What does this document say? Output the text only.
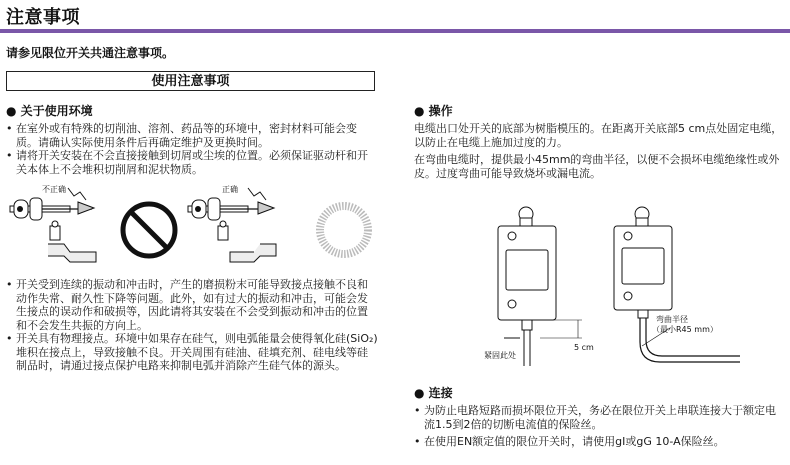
注意事项
请参见限位开关共通注意事项。
使用注意事项
● 关于使用环境
• 在室外或有特殊的切削油、溶剂、药品等的环境中，密封材料可能会变质。请确认实际使用条件后再确定维护及更换时间。
• 请将开关安装在不会直接接触到切屑或尘埃的位置。必须保证驱动杆和开关本体上不会堆积切削屑和泥状物质。
不正确	正确
• 开关受到连续的振动和冲击时，产生的磨损粉末可能导致接点接触不良和动作失常、耐久性下降等问题。此外，如有过大的振动和冲击，可能会发生接点的误动作和破损等，因此请将其安装在不会受到振动和冲击的位置和不会发生共振的方向上。
• 开关具有物理接点。环境中如果存在硅气，则电弧能量会使得氧化硅(SiO₂)堆积在接点上，导致接触不良。开关周围有硅油、硅填充剂、硅电线等硅制品时，请通过接点保护电路来抑制电弧并消除产生硅气体的源头。
● 操作
电缆出口处开关的底部为树脂模压的。在距离开关底部5 cm点处固定电缆，以防止在电缆上施加过度的力。
在弯曲电缆时，提供最小45mm的弯曲半径，以便不会损坏电缆绝缘性或外皮。过度弯曲可能导致烧坏或漏电流。
紧固此处
5 cm
弯曲半径
（最小R45 mm）
● 连接
• 为防止电路短路而损坏限位开关，务必在限位开关上串联连接大于额定电流1.5到2倍的切断电流值的保险丝。
• 在使用EN额定值的限位开关时，请使用gI或gG 10-A保险丝。
